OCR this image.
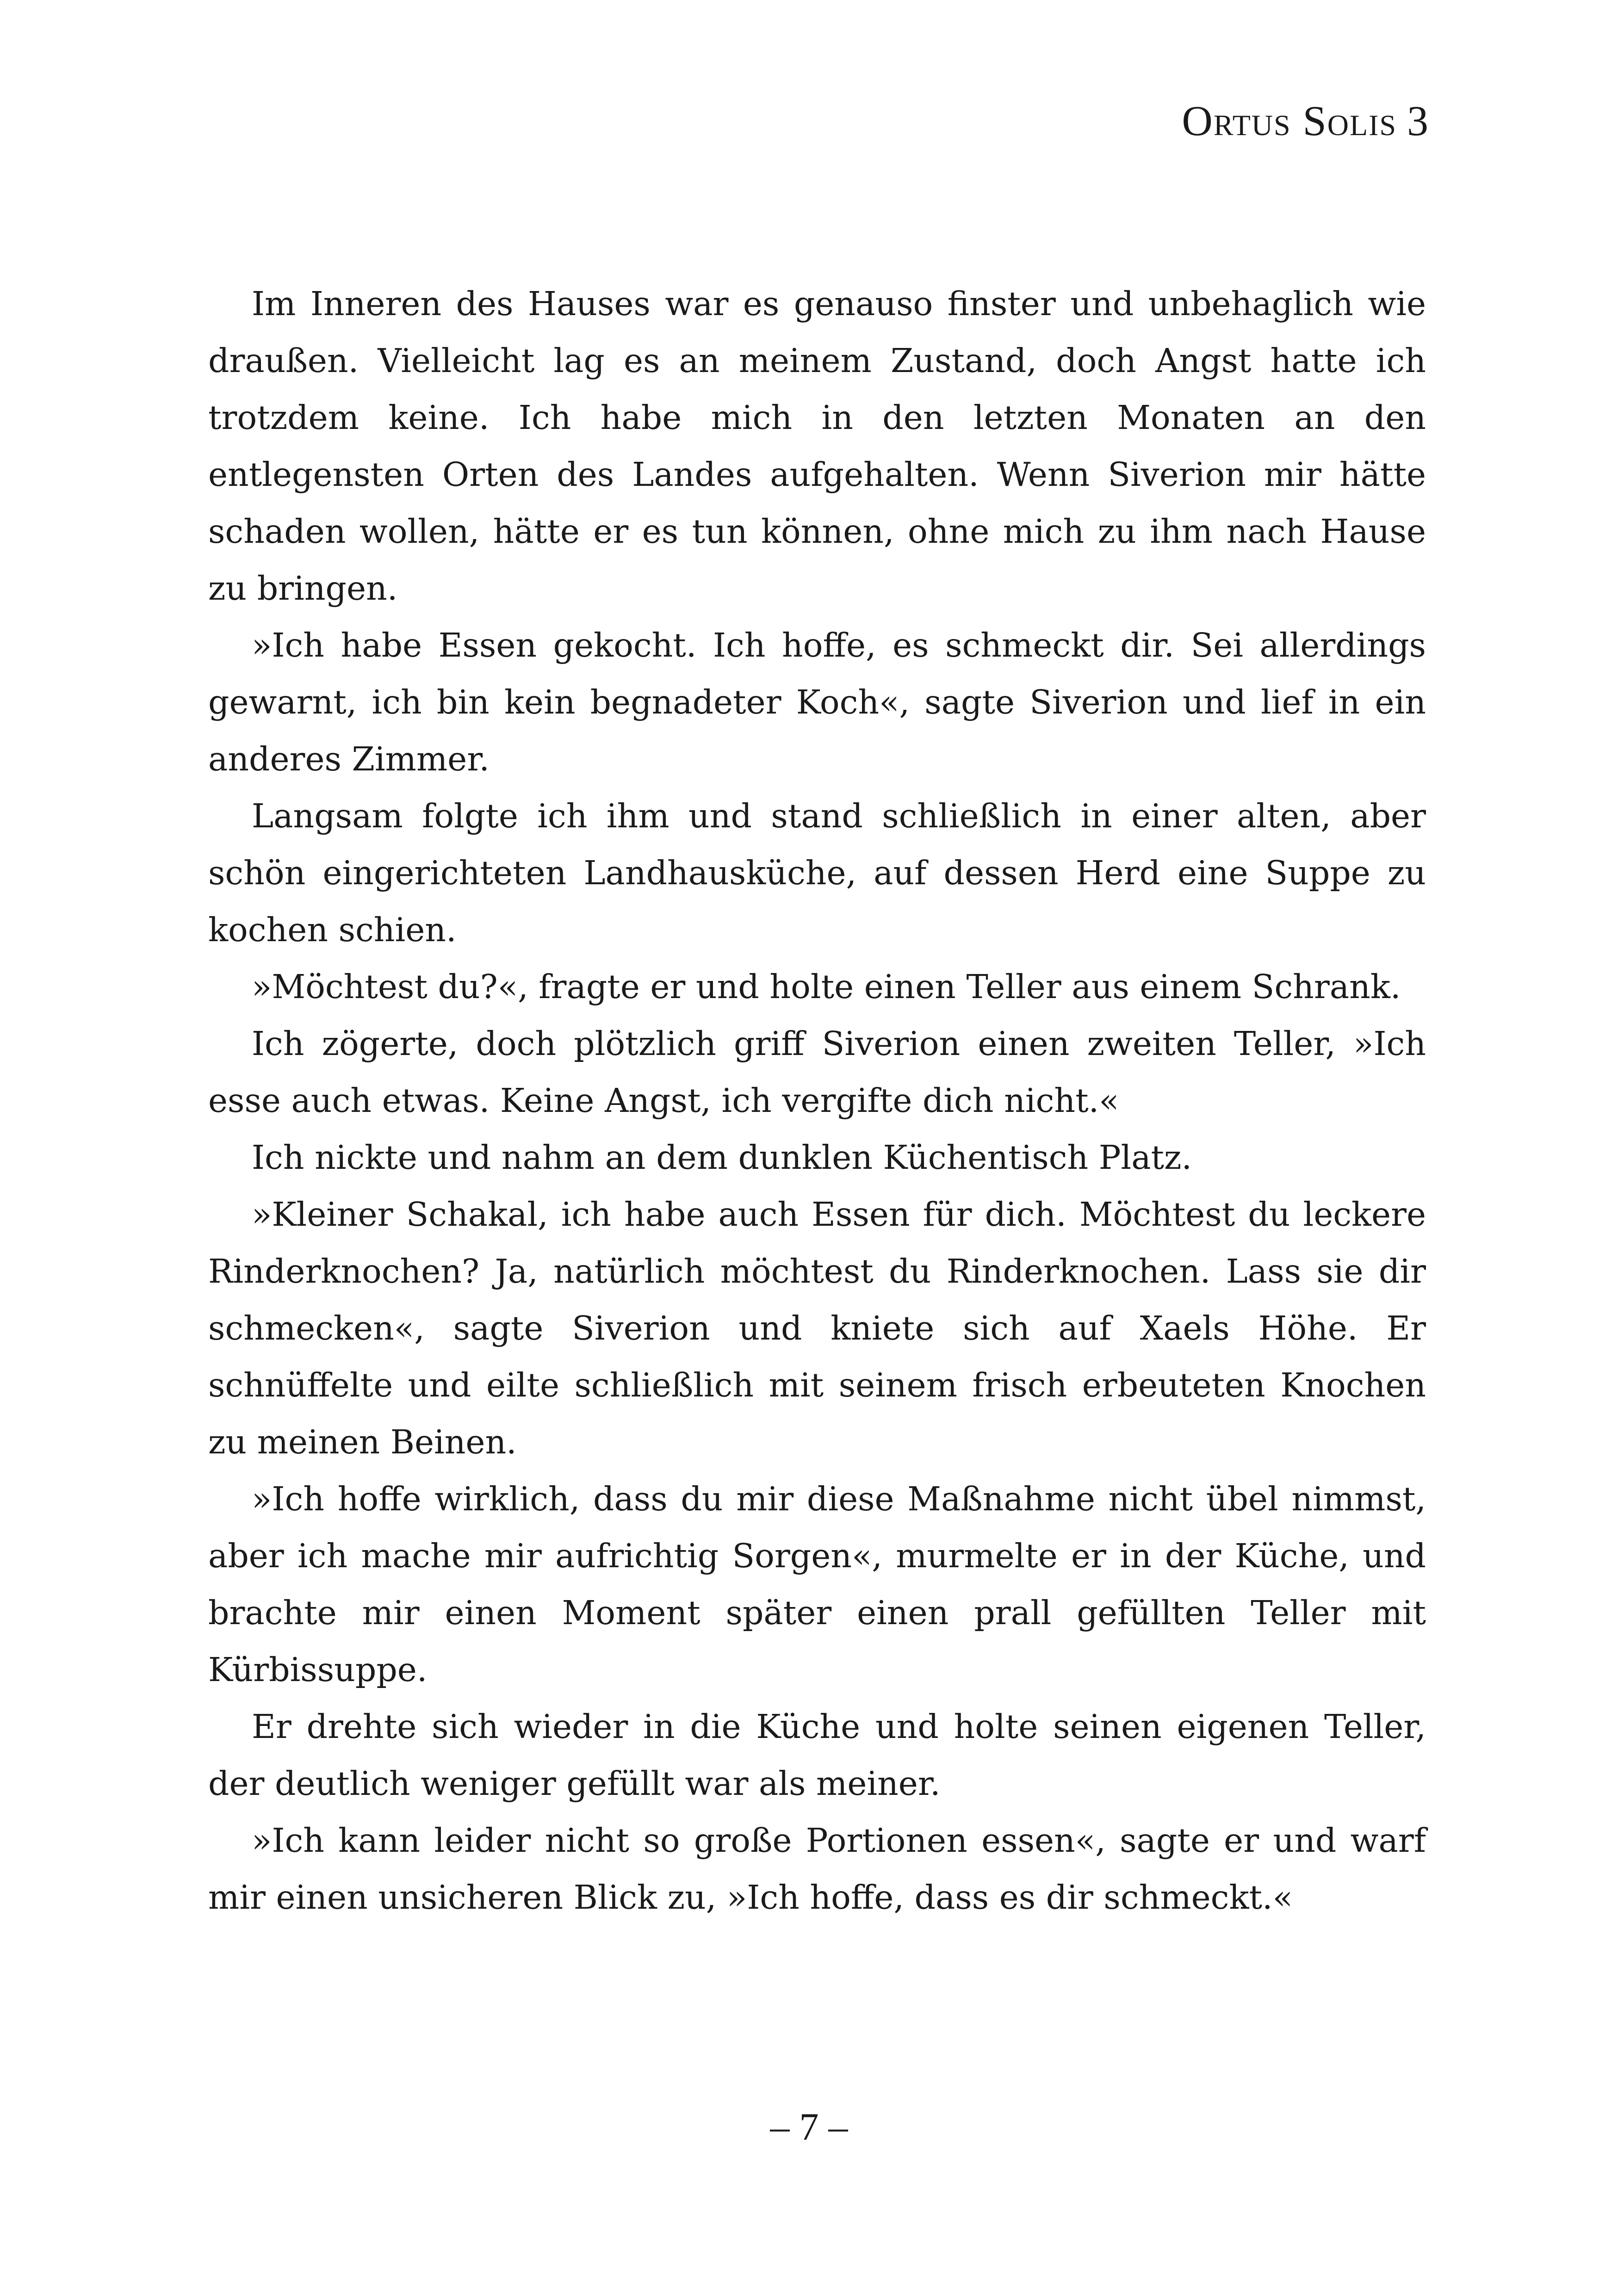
Ortus Solis 3

Im Inneren des Hauses war es genauso finster und unbehaglich wie draußen. Vielleicht lag es an meinem Zustand, doch Angst hatte ich trotzdem keine. Ich habe mich in den letzten Monaten an den entlegensten Orten des Landes aufgehalten. Wenn Siverion mir hätte schaden wollen, hätte er es tun können, ohne mich zu ihm nach Hause zu bringen.

»Ich habe Essen gekocht. Ich hoffe, es schmeckt dir. Sei allerdings gewarnt, ich bin kein begnadeter Koch«, sagte Siverion und lief in ein anderes Zimmer.

Langsam folgte ich ihm und stand schließlich in einer alten, aber schön eingerichteten Landhausküche, auf dessen Herd eine Suppe zu kochen schien.

»Möchtest du?«, fragte er und holte einen Teller aus einem Schrank.

Ich zögerte, doch plötzlich griff Siverion einen zweiten Teller, »Ich esse auch etwas. Keine Angst, ich vergifte dich nicht.«

Ich nickte und nahm an dem dunklen Küchentisch Platz.

»Kleiner Schakal, ich habe auch Essen für dich. Möchtest du leckere Rinderknochen? Ja, natürlich möchtest du Rinderknochen. Lass sie dir schmecken«, sagte Siverion und kniete sich auf Xaels Höhe. Er schnüffelte und eilte schließlich mit seinem frisch erbeuteten Knochen zu meinen Beinen.

»Ich hoffe wirklich, dass du mir diese Maßnahme nicht übel nimmst, aber ich mache mir aufrichtig Sorgen«, murmelte er in der Küche, und brachte mir einen Moment später einen prall gefüllten Teller mit Kürbissuppe.

Er drehte sich wieder in die Küche und holte seinen eigenen Teller, der deutlich weniger gefüllt war als meiner.

»Ich kann leider nicht so große Portionen essen«, sagte er und warf mir einen unsicheren Blick zu, »Ich hoffe, dass es dir schmeckt.«

– 7 –
